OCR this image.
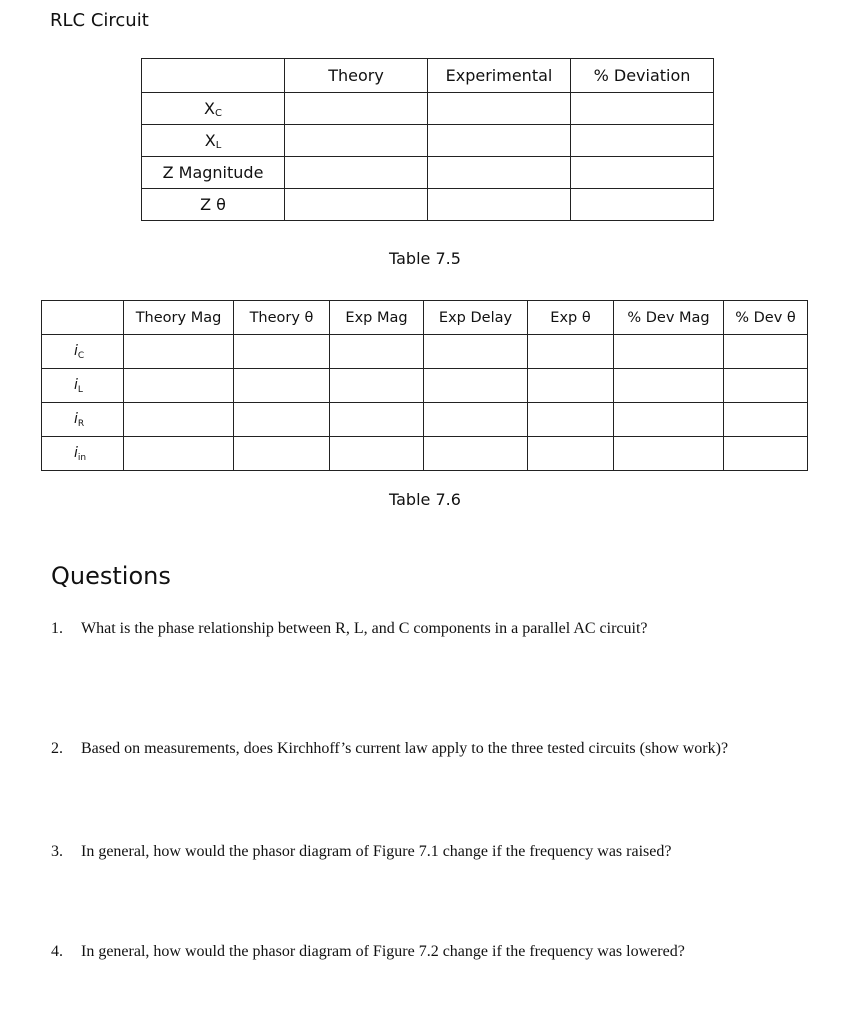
RLC Circuit
	Theory	Experimental	% Deviation
XC			
XL			
Z Magnitude			
Z θ			
Table 7.5
	Theory Mag	Theory θ	Exp Mag	Exp Delay	Exp θ	% Dev Mag	% Dev θ
$i_C$							
$i_L$							
$i_R$							
$i_{in}$							
Table 7.6
Questions
1. What is the phase relationship between R, L, and C components in a parallel AC circuit?
2. Based on measurements, does Kirchhoff’s current law apply to the three tested circuits (show work)?
3. In general, how would the phasor diagram of Figure 7.1 change if the frequency was raised?
4. In general, how would the phasor diagram of Figure 7.2 change if the frequency was lowered?
